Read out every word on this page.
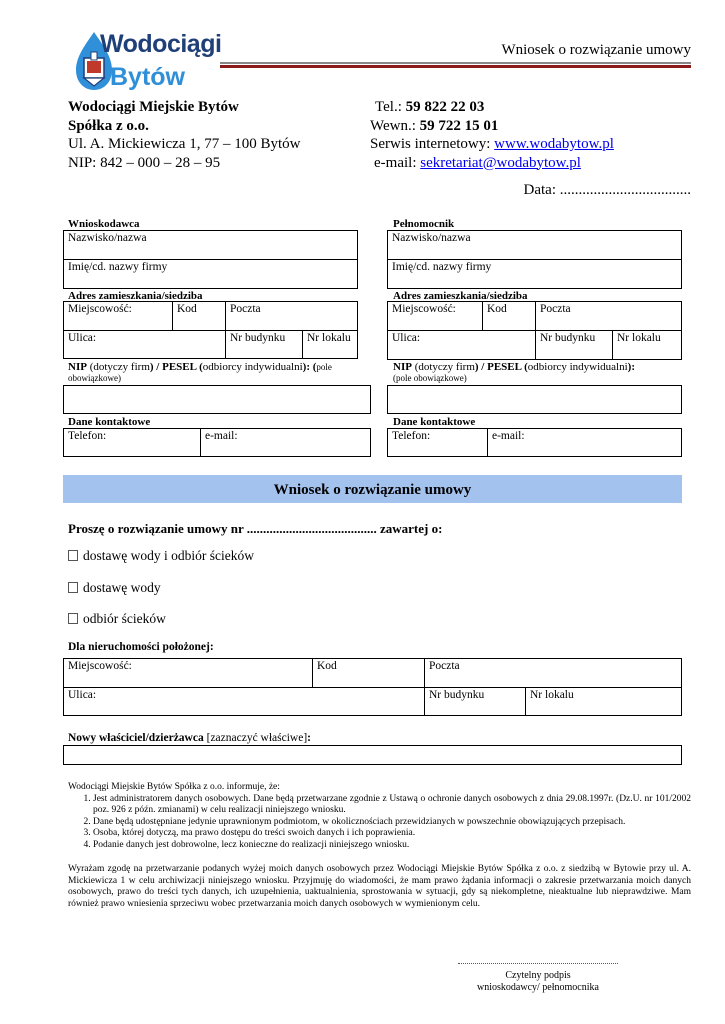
Wodociągi
Bytów
Wniosek o rozwiązanie umowy
Wodociągi Miejskie Bytów
Spółka z o.o.
Ul. A. Mickiewicza 1, 77 – 100 Bytów
NIP: 842 – 000 – 28 – 95
Tel.: 59 822 22 03
Wewn.: 59 722 15 01
Serwis internetowy: www.wodabytow.pl
e-mail: sekretariat@wodabytow.pl
Data: ...................................
Wnioskodawca
Nazwisko/nazwa
Imię/cd. nazwy firmy
Adres zamieszkania/siedziba
Miejscowość:	Kod	Poczta	
Ulica:		Nr budynku	Nr lokalu
NIP (dotyczy firm) / PESEL (odbiorcy indywidualni): (pole obowiązkowe)
Dane kontaktowe
Telefon:	e-mail:
Pełnomocnik
Nazwisko/nazwa
Imię/cd. nazwy firmy
Adres zamieszkania/siedziba
Miejscowość:	Kod	Poczta
Ulica:		Nr budynku	Nr lokalu
NIP (dotyczy firm) / PESEL (odbiorcy indywidualni):
(pole obowiązkowe)
Dane kontaktowe
Telefon:	e-mail:
Wniosek o rozwiązanie umowy
Proszę o rozwiązanie umowy nr ........................................ zawartej o:
dostawę wody i odbiór ścieków
dostawę wody
odbiór ścieków
Dla nieruchomości położonej:
Miejscowość:	Kod	Poczta	
Ulica:		Nr budynku	Nr lokalu
Nowy właściciel/dzierżawca [zaznaczyć właściwe]:
Wodociągi Miejskie Bytów Spółka z o.o. informuje, że:
1. Jest administratorem danych osobowych. Dane będą przetwarzane zgodnie z Ustawą o ochronie danych osobowych z dnia 29.08.1997r. (Dz.U. nr 101/2002 poz. 926 z późn. zmianami) w celu realizacji niniejszego wniosku.
2. Dane będą udostępniane jedynie uprawnionym podmiotom, w okolicznościach przewidzianych w powszechnie obowiązujących przepisach.
3. Osoba, której dotyczą, ma prawo dostępu do treści swoich danych i ich poprawienia.
4. Podanie danych jest dobrowolne, lecz konieczne do realizacji niniejszego wniosku.
Wyrażam zgodę na przetwarzanie podanych wyżej moich danych osobowych przez Wodociągi Miejskie Bytów Spółka z o.o. z siedzibą w Bytowie przy ul. A. Mickiewicza 1 w celu archiwizacji niniejszego wniosku. Przyjmuję do wiadomości, że mam prawo żądania informacji o zakresie przetwarzania moich danych osobowych, prawo do treści tych danych, ich uzupełnienia, uaktualnienia, sprostowania w sytuacji, gdy są niekompletne, nieaktualne lub nieprawdziwe. Mam również prawo wniesienia sprzeciwu wobec przetwarzania moich danych osobowych w wymienionym celu.
Czytelny podpis
wnioskodawcy/ pełnomocnika
